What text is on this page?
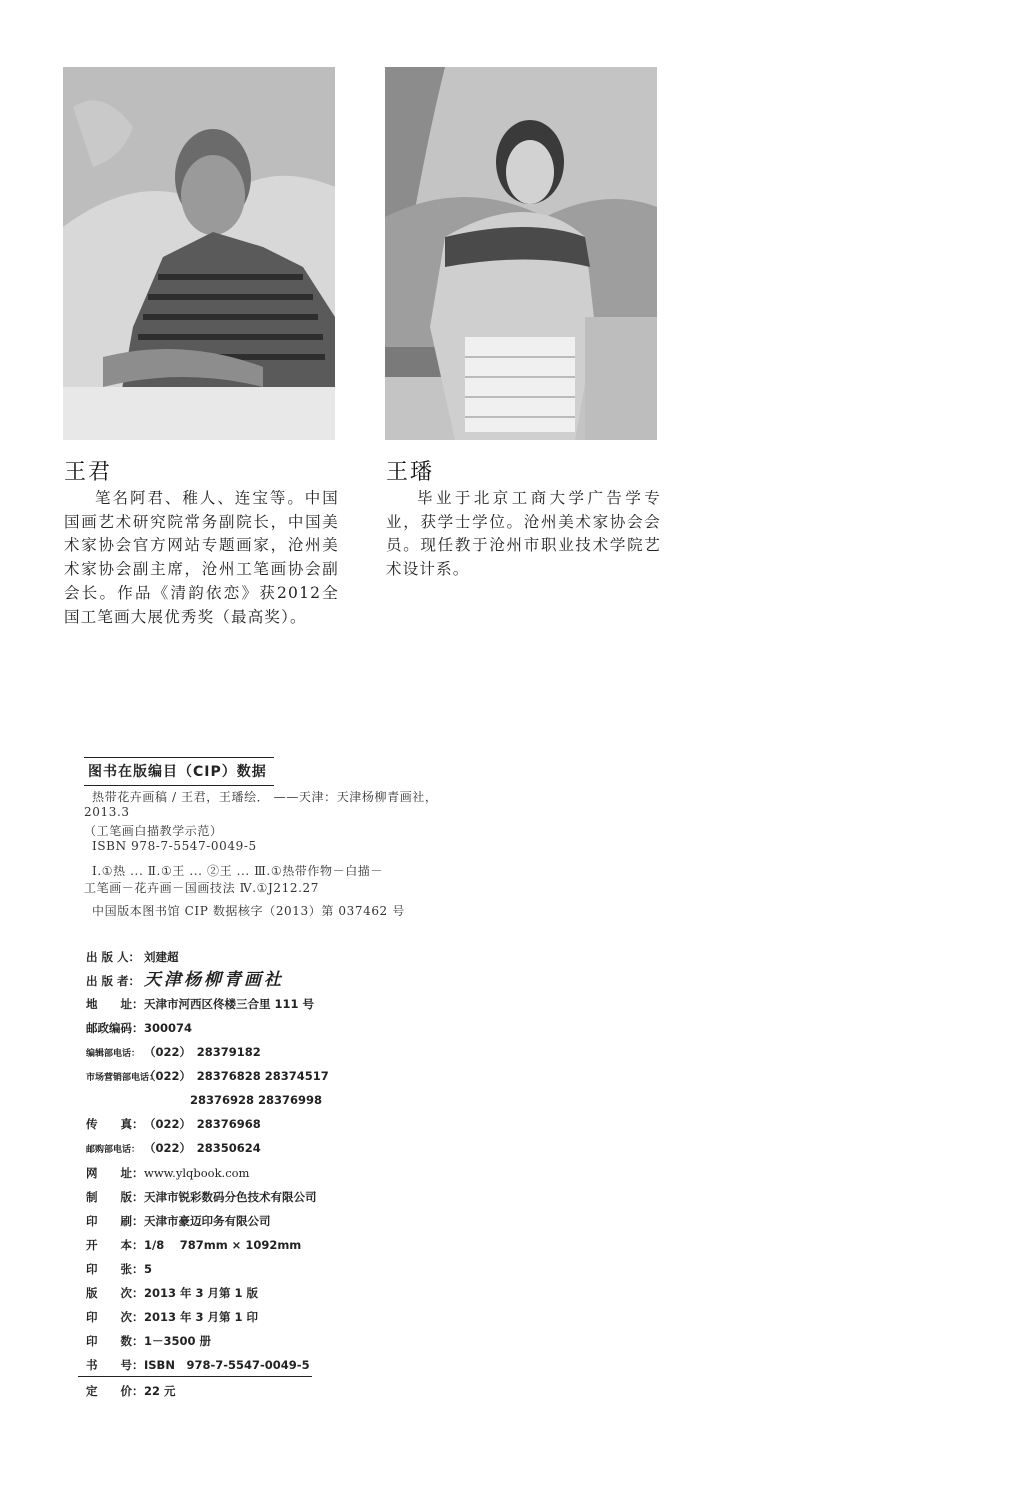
王君	王璠
笔名阿君、稚人、连宝等。中国国画艺术研究院常务副院长，中国美术家协会官方网站专题画家，沧州美术家协会副主席，沧州工笔画协会副会长。作品《清韵依恋》获2012全国工笔画大展优秀奖（最高奖）。
毕业于北京工商大学广告学专业，获学士学位。沧州美术家协会会员。现任教于沧州市职业技术学院艺术设计系。
图书在版编目（CIP）数据
热带花卉画稿 / 王君，王璠绘． ——天津：天津杨柳青画社，
2013.3
（工笔画白描教学示范）
ISBN 978-7-5547-0049-5
Ⅰ.①热 ... Ⅱ.①王 ... ②王 ... Ⅲ.①热带作物－白描－
工笔画－花卉画－国画技法 Ⅳ.①J212.27
中国版本图书馆 CIP 数据核字（2013）第 037462 号
出 版 人： 刘建超
出 版 者： 天津杨柳青画社
地　　址：天津市河西区佟楼三合里 111 号
邮政编码：300074
编辑部电话： （022）　28379182
市场营销部电话：（022）　28376828 28374517
28376928 28376998
传　　真：（022）　28376968
邮购部电话： （022）　28350624
网　　址：www.ylqbook.com
制　　版：天津市锐彩数码分色技术有限公司
印　　刷：天津市豪迈印务有限公司
开　　本：1/8　 787mm × 1092mm
印　　张：5
版　　次：2013 年 3 月第 1 版
印　　次：2013 年 3 月第 1 印
印　　数：1－3500 册
书　　号：ISBN　978-7-5547-0049-5
定　　价：22 元
